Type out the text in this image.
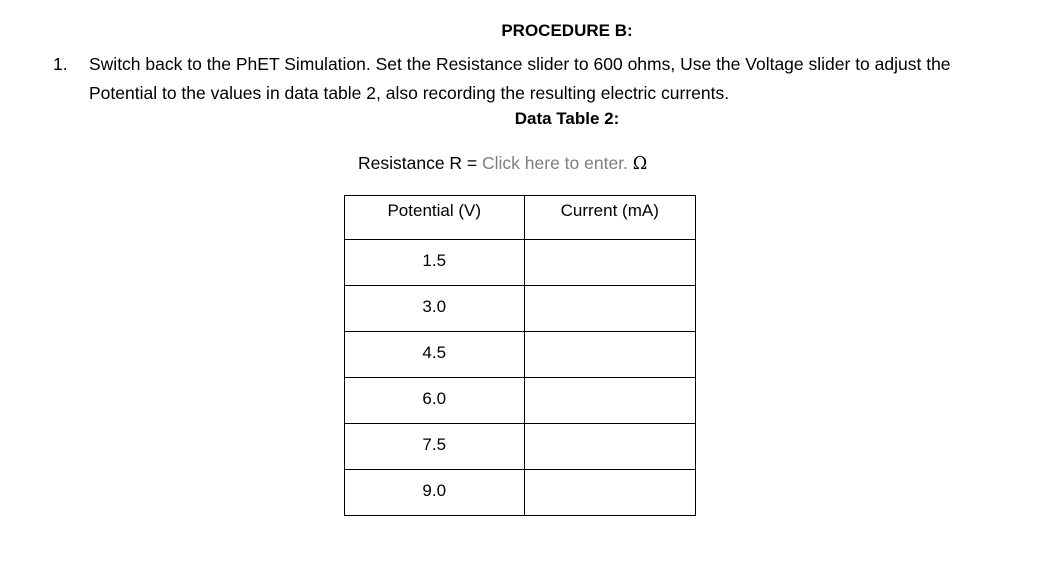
PROCEDURE B:
1. Switch back to the PhET Simulation. Set the Resistance slider to 600 ohms, Use the Voltage slider to adjust the Potential to the values in data table 2, also recording the resulting electric currents.
Data Table 2:
Resistance R = Click here to enter. Ω
Potential (V)	Current (mA)
1.5	
3.0	
4.5	
6.0	
7.5	
9.0	
